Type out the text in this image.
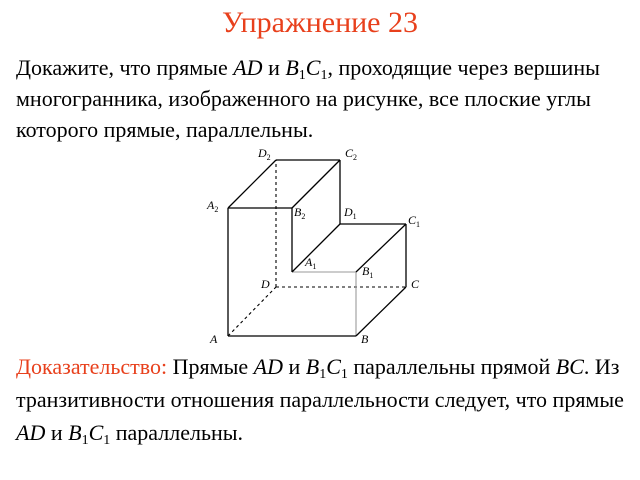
Упражнение 23
Докажите, что прямые AD и $B_1C_1$, проходящие через вершины многогранника, изображенного на рисунке, все плоские углы которого прямые, параллельны.
$D_2$	$C_2$
$A_2$	$B_2$	$D_1$	$C_1$
$A_1$	$B_1$
D	C
A	B
Доказательство: Прямые AD и $B_1C_1$ параллельны прямой BC. Из транзитивности отношения параллельности следует, что прямые AD и $B_1C_1$ параллельны.
